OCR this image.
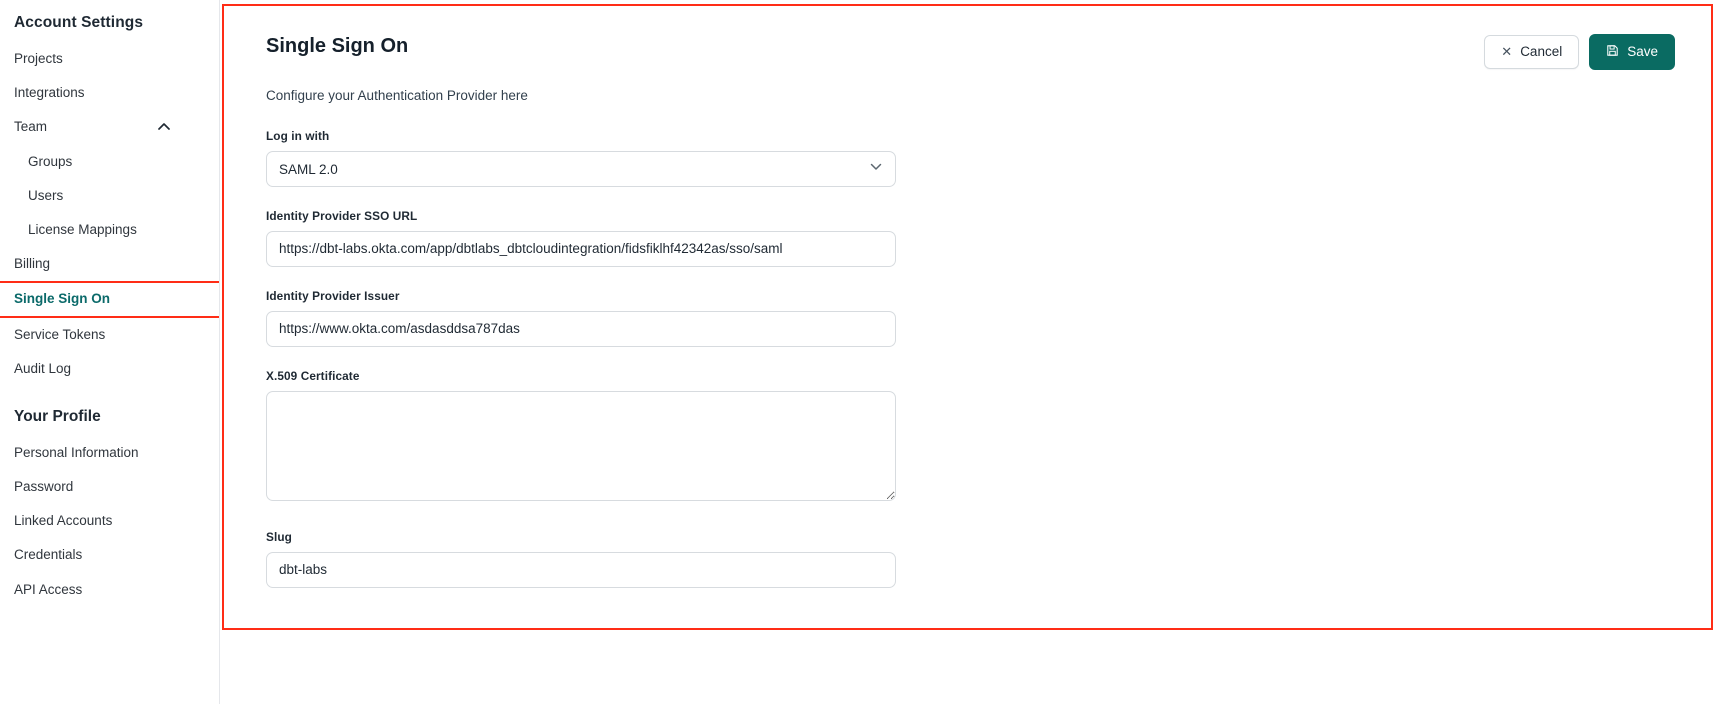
Account Settings
Projects
Integrations
Team
Groups
Users
License Mappings
Billing
Single Sign On
Service Tokens
Audit Log
Your Profile
Personal Information
Password
Linked Accounts
Credentials
API Access
Single Sign On	✕ Cancel	Save

Configure your Authentication Provider here

Log in with
SAML 2.0
Identity Provider SSO URL
https://dbt-labs.okta.com/app/dbtlabs_dbtcloudintegration/fidsfiklhf42342as/sso/saml
Identity Provider Issuer
https://www.okta.com/asdasddsa787das
X.509 Certificate
Slug
dbt-labs
